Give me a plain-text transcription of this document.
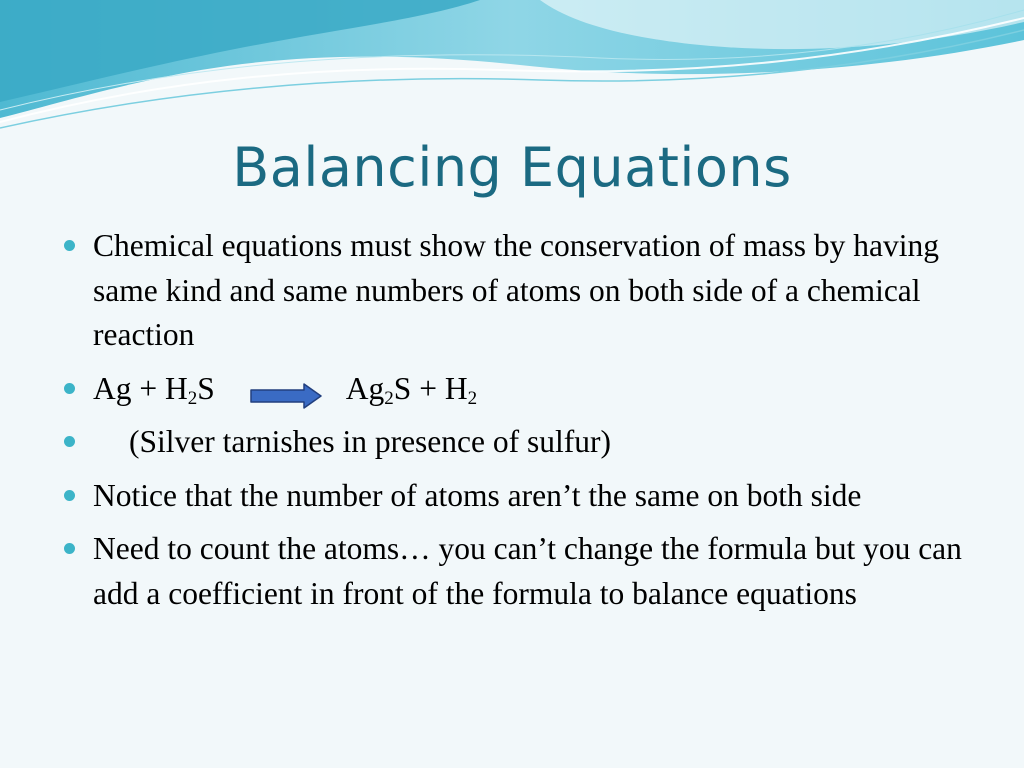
Balancing Equations
Chemical equations must show the conservation of mass by having same kind and same numbers of atoms on both side of a chemical reaction
$Ag + H_2S$	$Ag_2S + H_2$
(Silver tarnishes in presence of sulfur)
Notice that the number of atoms aren’t the same on both side
Need to count the atoms… you can’t change the formula but you can add a coefficient in front of the formula to balance equations
